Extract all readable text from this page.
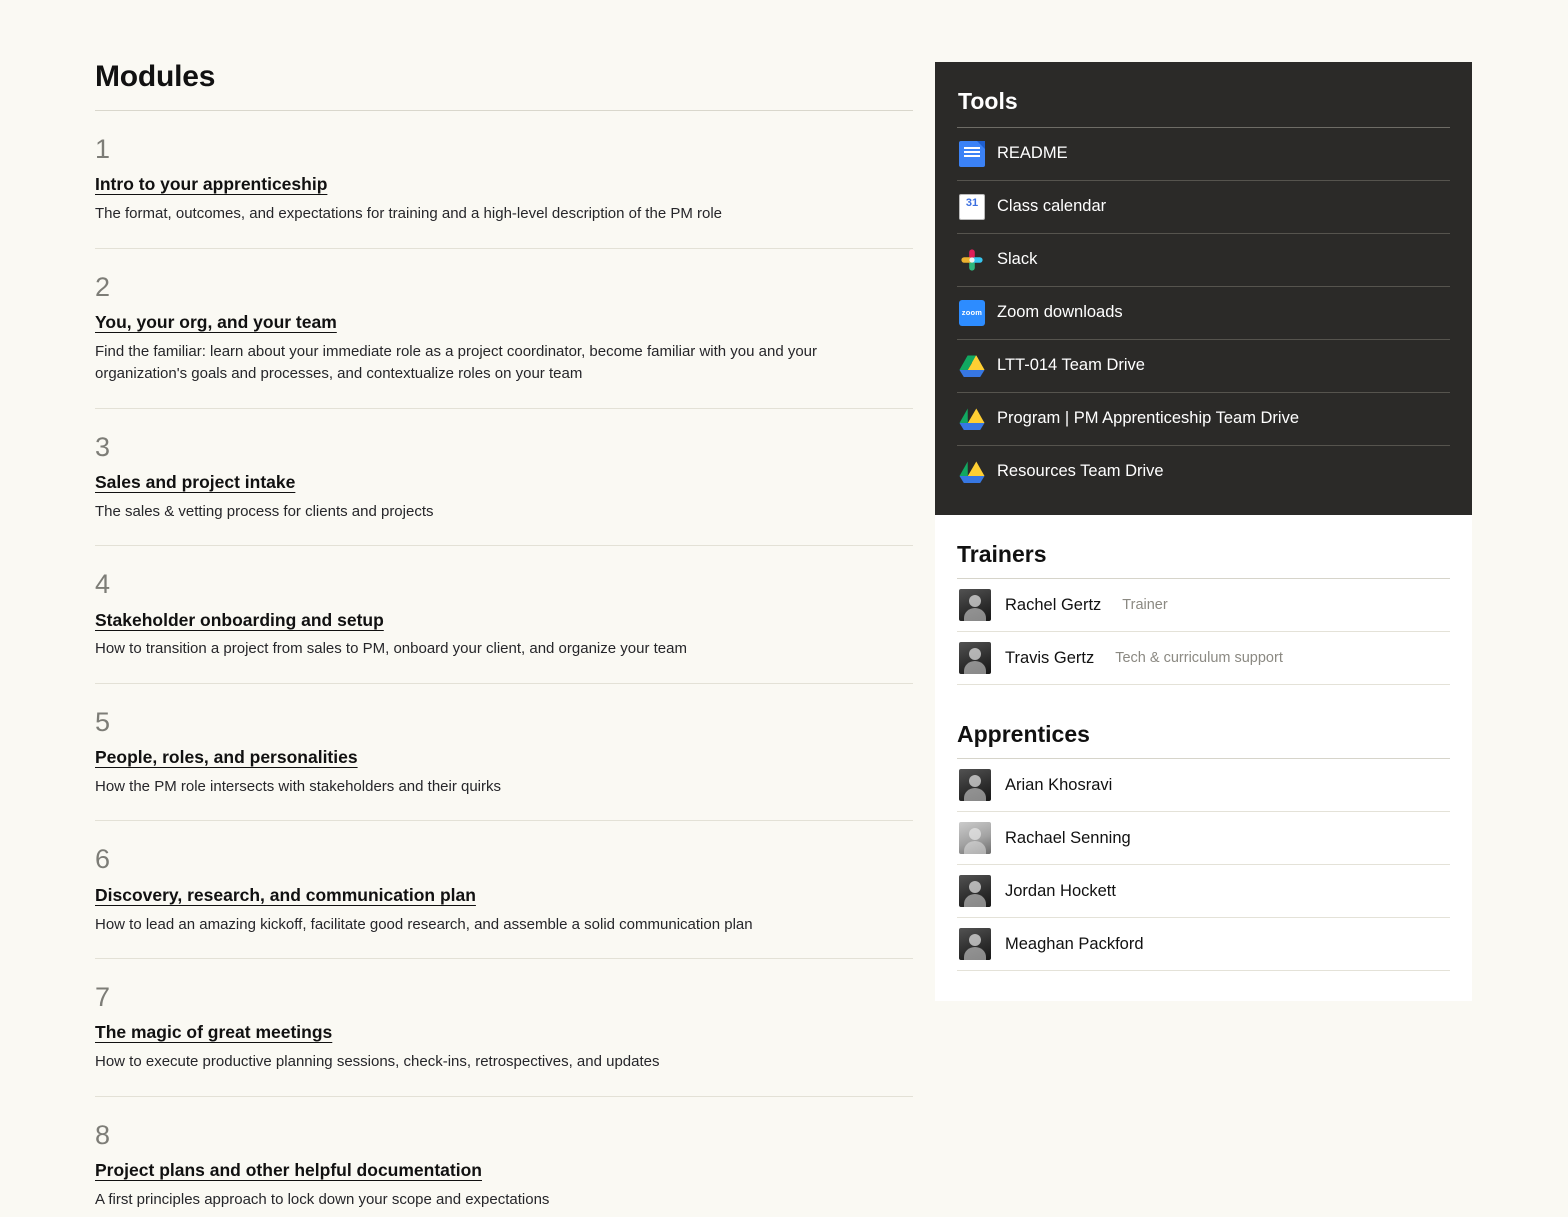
Modules
1
Intro to your apprenticeship
The format, outcomes, and expectations for training and a high-level description of the PM role
2
You, your org, and your team
Find the familiar: learn about your immediate role as a project coordinator, become familiar with you and your organization's goals and processes, and contextualize roles on your team
3
Sales and project intake
The sales & vetting process for clients and projects
4
Stakeholder onboarding and setup
How to transition a project from sales to PM, onboard your client, and organize your team
5
People, roles, and personalities
How the PM role intersects with stakeholders and their quirks
6
Discovery, research, and communication plan
How to lead an amazing kickoff, facilitate good research, and assemble a solid communication plan
7
The magic of great meetings
How to execute productive planning sessions, check-ins, retrospectives, and updates
8
Project plans and other helpful documentation
A first principles approach to lock down your scope and expectations
Tools
README
31	Class calendar
Slack
zoom Zoom downloads
LTT-014 Team Drive
Program | PM Apprenticeship Team Drive
Resources Team Drive
Trainers
Rachel Gertz Trainer
Travis Gertz Tech & curriculum support
Apprentices
Arian Khosravi
Rachael Senning
Jordan Hockett
Meaghan Packford
